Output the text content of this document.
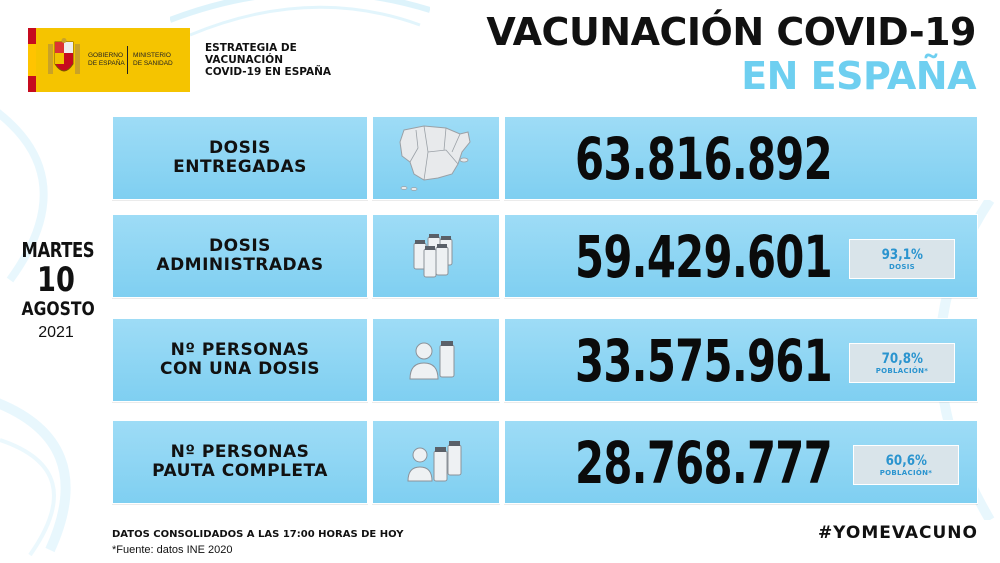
GOBIERNO DE ESPAÑA
MINISTERIO DE SANIDAD
ESTRATEGIA DE
VACUNACIÓN
COVID-19 EN ESPAÑA
VACUNACIÓN COVID-19
EN ESPAÑA
MARTES
10
AGOSTO
2021
DOSIS
ENTREGADAS	63.816.892
DOSIS
ADMINISTRADAS	59.429.601	93,1%
DOSIS
Nº PERSONAS
CON UNA DOSIS	33.575.961	70,8%
POBLACIÓN*
Nº PERSONAS
PAUTA COMPLETA	28.768.777	60,6%
POBLACIÓN*
DATOS CONSOLIDADOS A LAS 17:00 HORAS DE HOY
*Fuente: datos INE 2020
#YOMEVACUNO
